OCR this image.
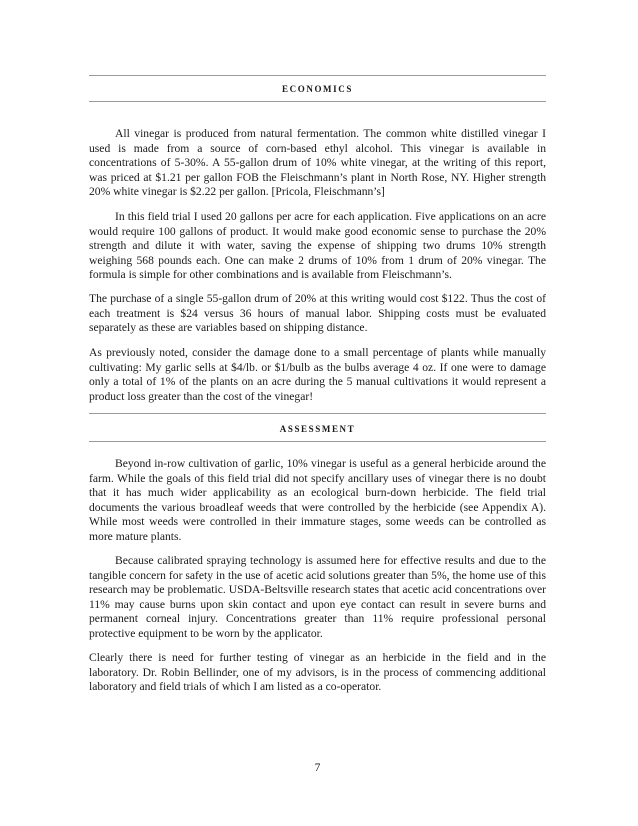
ECONOMICS

All vinegar is produced from natural fermentation. The common white distilled vinegar I used is made from a source of corn-based ethyl alcohol. This vinegar is available in concentrations of 5-30%. A 55-gallon drum of 10% white vinegar, at the writing of this report, was priced at $1.21 per gallon FOB the Fleischmann’s plant in North Rose, NY. Higher strength 20% white vinegar is $2.22 per gallon. [Pricola, Fleischmann’s]

In this field trial I used 20 gallons per acre for each application. Five applications on an acre would require 100 gallons of product. It would make good economic sense to purchase the 20% strength and dilute it with water, saving the expense of shipping two drums 10% strength weighing 568 pounds each. One can make 2 drums of 10% from 1 drum of 20% vinegar. The formula is simple for other combinations and is available from Fleischmann’s.

The purchase of a single 55-gallon drum of 20% at this writing would cost $122. Thus the cost of each treatment is $24 versus 36 hours of manual labor. Shipping costs must be evaluated separately as these are variables based on shipping distance.

As previously noted, consider the damage done to a small percentage of plants while manually cultivating: My garlic sells at $4/lb. or $1/bulb as the bulbs average 4 oz. If one were to damage only a total of 1% of the plants on an acre during the 5 manual cultivations it would represent a product loss greater than the cost of the vinegar!

ASSESSMENT

Beyond in-row cultivation of garlic, 10% vinegar is useful as a general herbicide around the farm. While the goals of this field trial did not specify ancillary uses of vinegar there is no doubt that it has much wider applicability as an ecological burn-down herbicide. The field trial documents the various broadleaf weeds that were controlled by the herbicide (see Appendix A). While most weeds were controlled in their immature stages, some weeds can be controlled as more mature plants.

Because calibrated spraying technology is assumed here for effective results and due to the tangible concern for safety in the use of acetic acid solutions greater than 5%, the home use of this research may be problematic. USDA-Beltsville research states that acetic acid concentrations over 11% may cause burns upon skin contact and upon eye contact can result in severe burns and permanent corneal injury. Concentrations greater than 11% require professional personal protective equipment to be worn by the applicator.

Clearly there is need for further testing of vinegar as an herbicide in the field and in the laboratory. Dr. Robin Bellinder, one of my advisors, is in the process of commencing additional laboratory and field trials of which I am listed as a co-operator.

7
